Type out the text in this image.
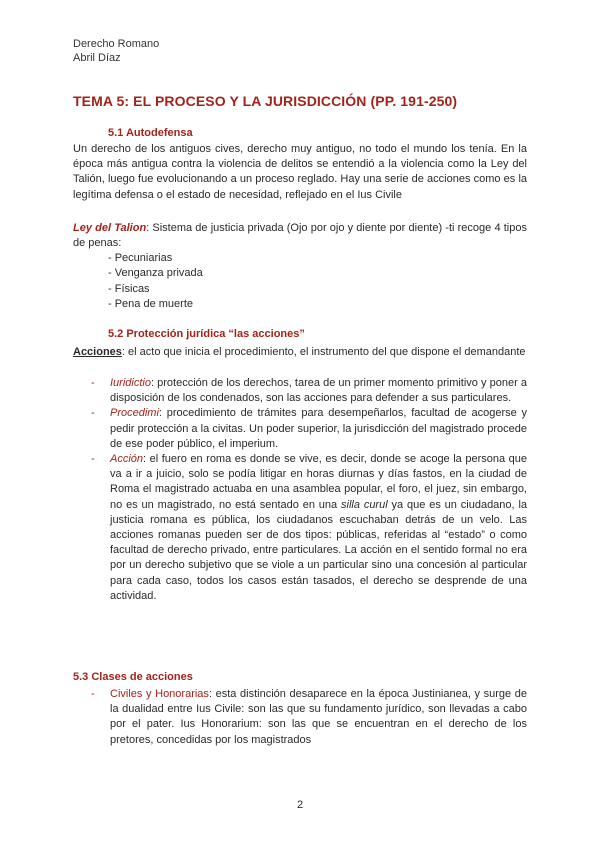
Derecho Romano
Abril Díaz
TEMA 5: EL PROCESO Y LA JURISDICCIÓN (PP. 191-250)
5.1 Autodefensa
Un derecho de los antiguos cives, derecho muy antiguo, no todo el mundo los tenía. En la época más antigua contra la violencia de delitos se entendió a la violencia como la Ley del Talión, luego fue evolucionando a un proceso reglado. Hay una serie de acciones como es la legítima defensa o el estado de necesidad, reflejado en el Ius Civile
Ley del Talion: Sistema de justicia privada (Ojo por ojo y diente por diente) -ti recoge 4 tipos de penas:
- Pecuniarias
- Venganza privada
- Físicas
- Pena de muerte
5.2 Protección jurídica “las acciones”
Acciones: el acto que inicia el procedimiento, el instrumento del que dispone el demandante
- Iuridictio: protección de los derechos, tarea de un primer momento primitivo y poner a disposición de los condenados, son las acciones para defender a sus particulares.
- Procedimi: procedimiento de trámites para desempeñarlos, facultad de acogerse y pedir protección a la civitas. Un poder superior, la jurisdicción del magistrado procede de ese poder público, el imperium.
- Acción: el fuero en roma es donde se vive, es decir, donde se acoge la persona que va a ir a juicio, solo se podía litigar en horas diurnas y días fastos, en la ciudad de Roma el magistrado actuaba en una asamblea popular, el foro, el juez, sin embargo, no es un magistrado, no está sentado en una silla curul ya que es un ciudadano, la justicia romana es pública, los ciudadanos escuchaban detrás de un velo. Las acciones romanas pueden ser de dos tipos: públicas, referidas al “estado” o como facultad de derecho privado, entre particulares. La acción en el sentido formal no era por un derecho subjetivo que se viole a un particular sino una concesión al particular para cada caso, todos los casos están tasados, el derecho se desprende de una actividad.
5.3 Clases de acciones
- Civiles y Honorarias: esta distinción desaparece en la época Justinianea, y surge de la dualidad entre Ius Civile: son las que su fundamento jurídico, son llevadas a cabo por el pater. Ius Honorarium: son las que se encuentran en el derecho de los pretores, concedidas por los magistrados
2
